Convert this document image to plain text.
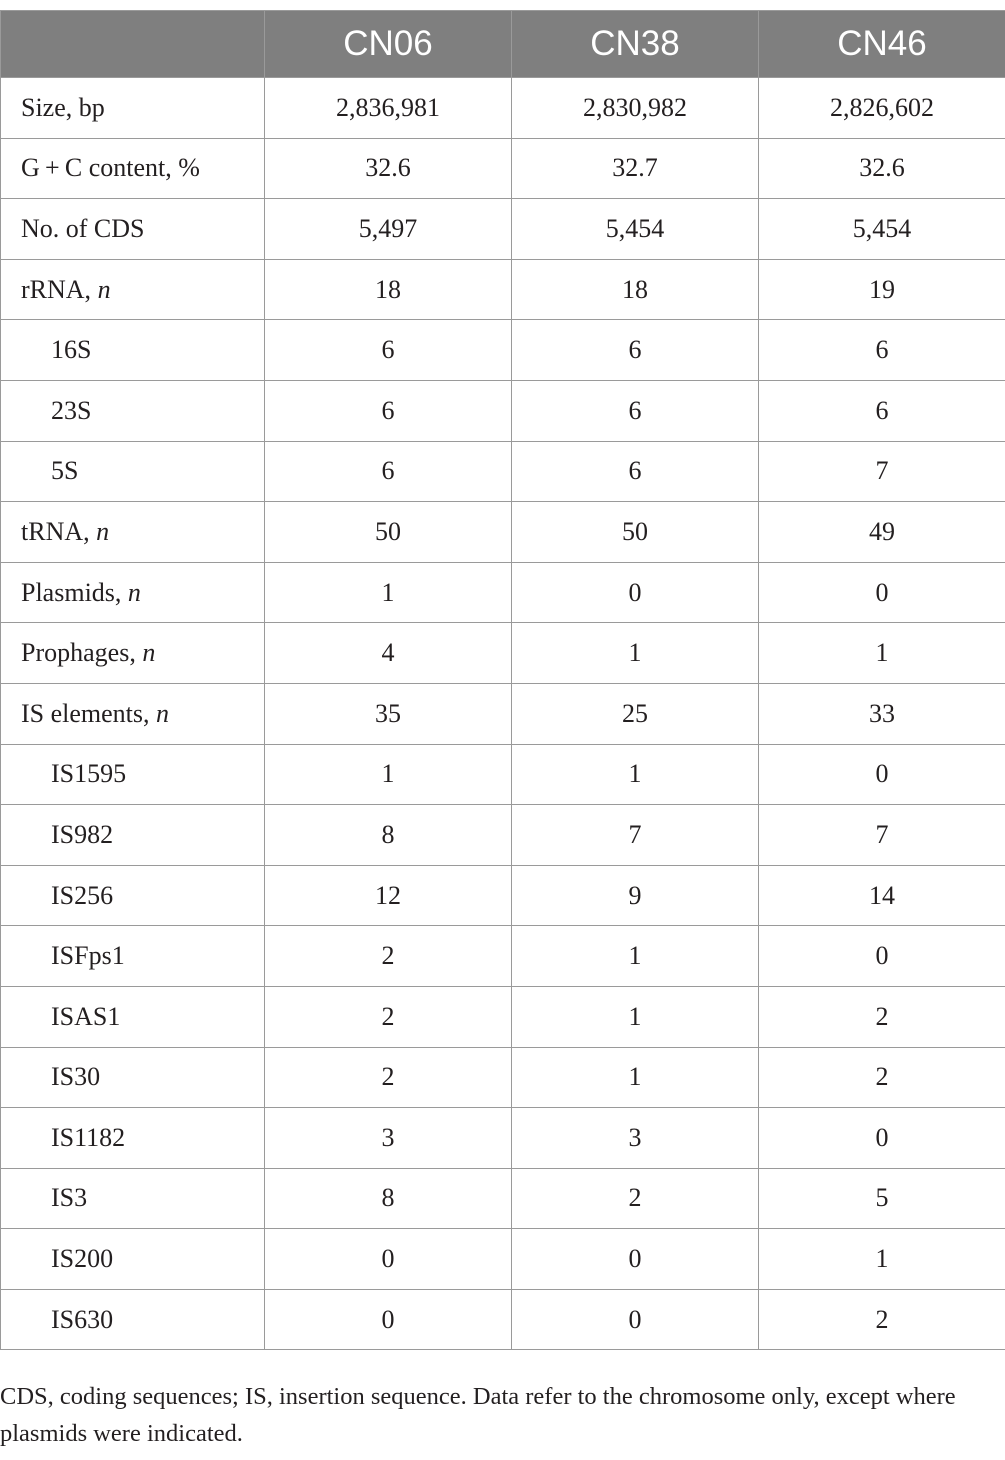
	CN06	CN38	CN46
Size, bp	2,836,981	2,830,982	2,826,602
G + C content, %	32.6	32.7	32.6
No. of CDS	5,497	5,454	5,454
rRNA, n	18	18	19
16S	6	6	6
23S	6	6	6
5S	6	6	7
tRNA, n	50	50	49
Plasmids, n	1	0	0
Prophages, n	4	1	1
IS elements, n	35	25	33
IS1595	1	1	0
IS982	8	7	7
IS256	12	9	14
ISFps1	2	1	0
ISAS1	2	1	2
IS30	2	1	2
IS1182	3	3	0
IS3	8	2	5
IS200	0	0	1
IS630	0	0	2
CDS, coding sequences; IS, insertion sequence. Data refer to the chromosome only, except where plasmids were indicated.
